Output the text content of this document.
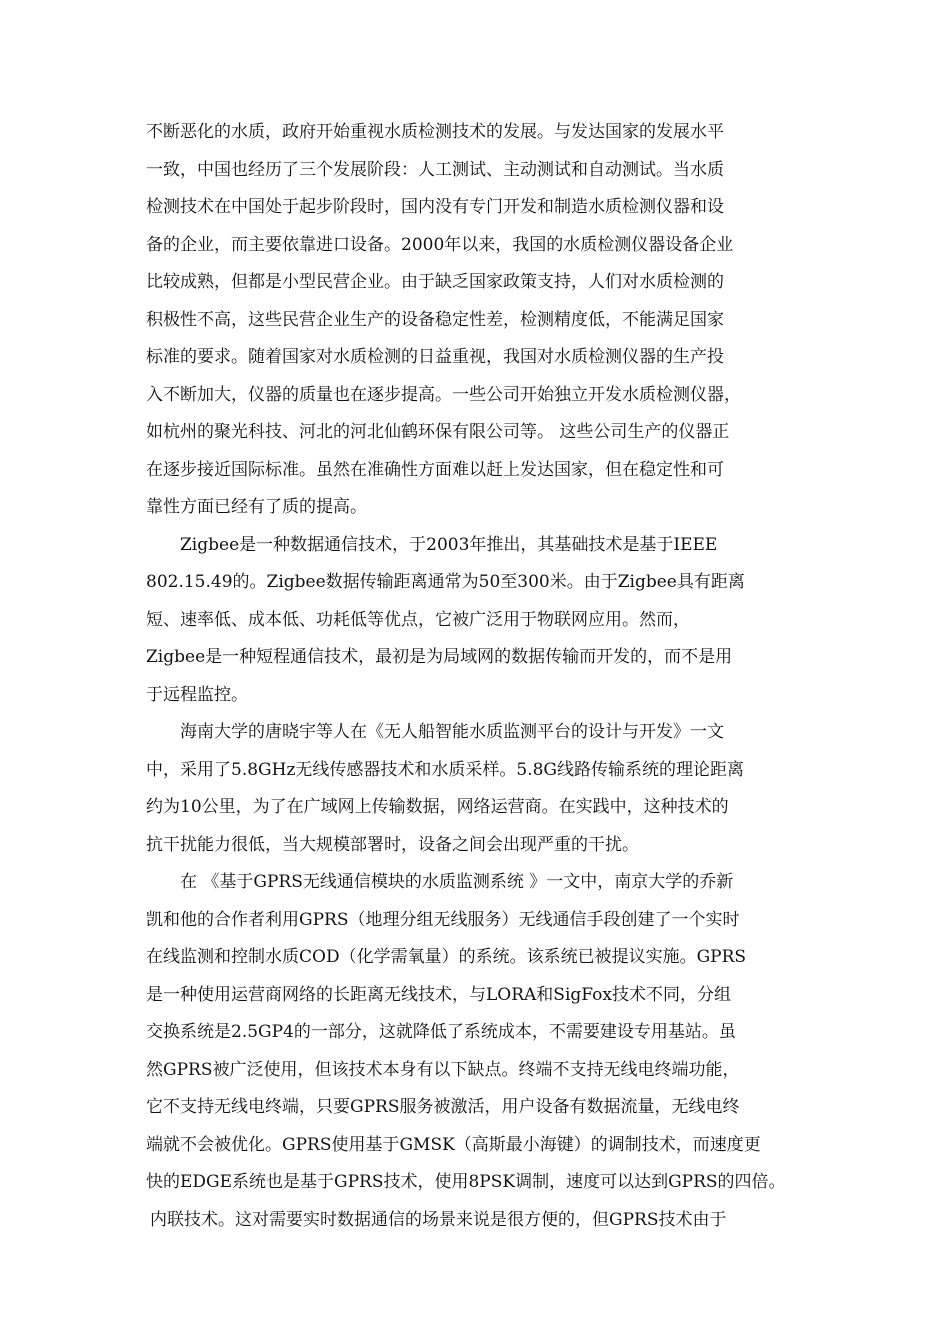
不断恶化的水质，政府开始重视水质检测技术的发展。与发达国家的发展水平
一致，中国也经历了三个发展阶段：人工测试、主动测试和自动测试。当水质
检测技术在中国处于起步阶段时，国内没有专门开发和制造水质检测仪器和设
备的企业，而主要依靠进口设备。2000年以来，我国的水质检测仪器设备企业
比较成熟，但都是小型民营企业。由于缺乏国家政策支持，人们对水质检测的
积极性不高，这些民营企业生产的设备稳定性差，检测精度低，不能满足国家
标准的要求。随着国家对水质检测的日益重视，我国对水质检测仪器的生产投
入不断加大，仪器的质量也在逐步提高。一些公司开始独立开发水质检测仪器，
如杭州的聚光科技、河北的河北仙鹤环保有限公司等。 这些公司生产的仪器正
在逐步接近国际标准。虽然在准确性方面难以赶上发达国家，但在稳定性和可
靠性方面已经有了质的提高。
Zigbee是一种数据通信技术，于2003年推出，其基础技术是基于IEEE
802.15.49的。Zigbee数据传输距离通常为50至300米。由于Zigbee具有距离
短、速率低、成本低、功耗低等优点，它被广泛用于物联网应用。然而，
Zigbee是一种短程通信技术，最初是为局域网的数据传输而开发的，而不是用
于远程监控。
海南大学的唐晓宇等人在《无人船智能水质监测平台的设计与开发》一文
中，采用了5.8GHz无线传感器技术和水质采样。5.8G线路传输系统的理论距离
约为10公里，为了在广域网上传输数据，网络运营商。在实践中，这种技术的
抗干扰能力很低，当大规模部署时，设备之间会出现严重的干扰。
在 《基于GPRS无线通信模块的水质监测系统 》一文中，南京大学的乔新
凯和他的合作者利用GPRS（地理分组无线服务）无线通信手段创建了一个实时
在线监测和控制水质COD（化学需氧量）的系统。该系统已被提议实施。GPRS
是一种使用运营商网络的长距离无线技术，与LORA和SigFox技术不同，分组
交换系统是2.5GP4的一部分，这就降低了系统成本，不需要建设专用基站。虽
然GPRS被广泛使用，但该技术本身有以下缺点。终端不支持无线电终端功能，
它不支持无线电终端，只要GPRS服务被激活，用户设备有数据流量，无线电终
端就不会被优化。GPRS使用基于GMSK（高斯最小海键）的调制技术，而速度更
快的EDGE系统也是基于GPRS技术，使用8PSK调制，速度可以达到GPRS的四倍。
内联技术。这对需要实时数据通信的场景来说是很方便的，但GPRS技术由于
